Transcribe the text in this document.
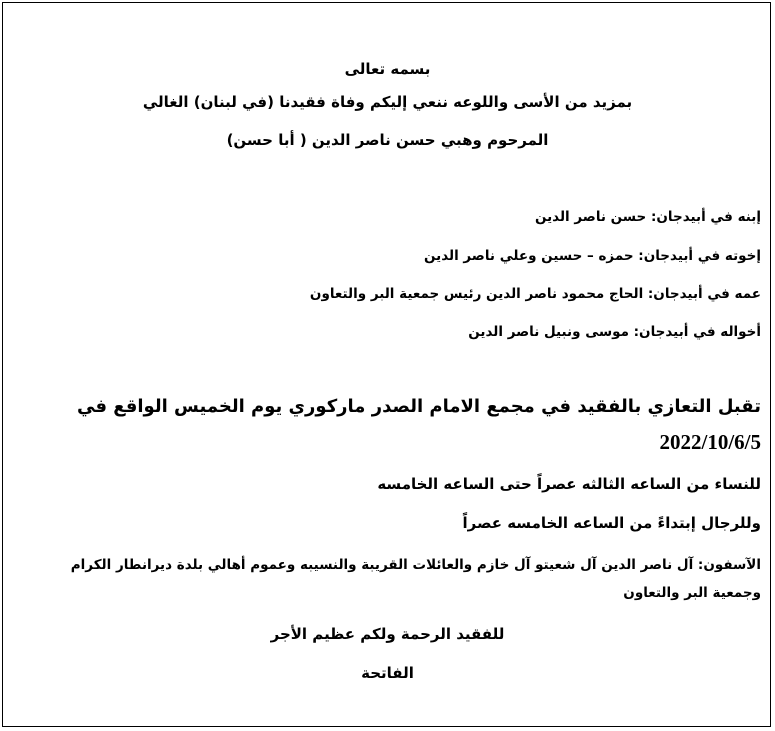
بسمه تعالى
بمزيد من الأسى واللوعه ننعي إليكم وفاة فقيدنا (في لبنان) الغالي
المرحوم وهبي حسن ناصر الدين ( أبا حسن)
إبنه في أبيدجان: حسن ناصر الدين
إخوته في أبيدجان: حمزه – حسين وعلي ناصر الدين
عمه في أبيدجان: الحاج محمود ناصر الدين رئيس جمعية البر والتعاون
أخواله في أبيدجان: موسى ونبيل ناصر الدين
تقبل التعازي بالفقيد في مجمع الامام الصدر ماركوري يوم الخميس الواقع في
2022/10/6/5
للنساء من الساعه الثالثه عصراً حتى الساعه الخامسه
وللرجال إبتداءً من الساعه الخامسه عصراً
الآسفون: آل ناصر الدين آل شعيتو آل خازم والعائلات القريبة والنسيبه وعموم أهالي بلدة ديرانطار الكرام
وجمعية البر والتعاون
للفقيد الرحمة ولكم عظيم الأجر
الفاتحة
